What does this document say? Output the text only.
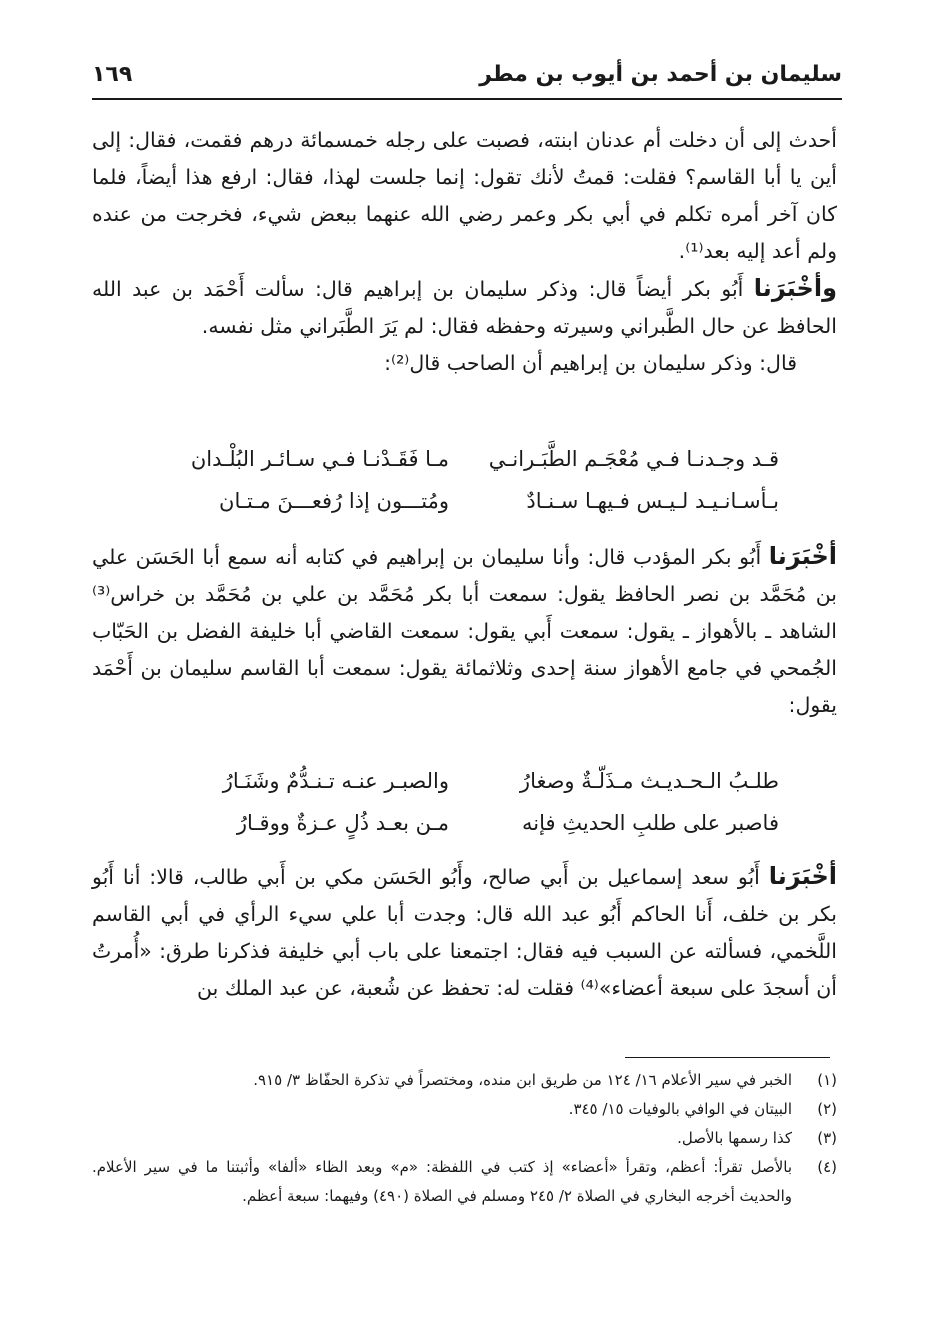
سليمان بن أحمد بن أيوب بن مطر
١٦٩

أحدث إلى أن دخلت أم عدنان ابنته، فصبت على رجله خمسمائة درهم فقمت، فقال: إلى أين يا أبا القاسم؟ فقلت: قمتُ لأنك تقول: إنما جلست لهذا، فقال: ارفع هذا أيضاً، فلما كان آخر أمره تكلم في أبي بكر وعمر رضي الله عنهما ببعض شيء، فخرجت من عنده ولم أعد إليه بعد⁽¹⁾.

وأخْبَرَنا أَبُو بكر أيضاً قال: وذكر سليمان بن إبراهيم قال: سألت أَحْمَد بن عبد الله الحافظ عن حال الطَّبراني وسيرته وحفظه فقال: لم يَرَ الطَّبَراني مثل نفسه.

قال: وذكر سليمان بن إبراهيم أن الصاحب قال⁽²⁾:

قـد وجـدنـا فـي مُعْجَـم الطَّبَـرانـي
مـا فَقَـدْنـا فـي سـائـر البُلْـدان
بـأسـانـيـد لـيـس فـيهـا سـنـادٌ
ومُتـــون إذا رُفعـــنَ مـتـان

أخْبَرَنا أَبُو بكر المؤدب قال: وأنا سليمان بن إبراهيم في كتابه أنه سمع أبا الحَسَن علي بن مُحَمَّد بن نصر الحافظ يقول: سمعت أبا بكر مُحَمَّد بن علي بن مُحَمَّد بن خراس⁽³⁾ الشاهد ـ بالأهواز ـ يقول: سمعت أَبي يقول: سمعت القاضي أبا خليفة الفضل بن الحَبّاب الجُمحي في جامع الأهواز سنة إحدى وثلاثمائة يقول: سمعت أبا القاسم سليمان بن أَحْمَد يقول:

طلـبُ الـحـديـث مـذَلّـةٌ وصغارُ
والصبـر عنـه تـنـدُّمٌ وشَنَـارُ
فاصبر على طلبِ الحديثِ فإنه
مـن بعـد ذُلٍ عـزةٌ ووقـارُ

أخْبَرَنا أَبُو سعد إسماعيل بن أَبي صالح، وأَبُو الحَسَن مكي بن أَبي طالب، قالا: أنا أَبُو بكر بن خلف، أَنا الحاكم أَبُو عبد الله قال: وجدت أبا علي سيء الرأي في أبي القاسم اللَّخمي، فسألته عن السبب فيه فقال: اجتمعنا على باب أبي خليفة فذكرنا طرق: «أُمرتُ أن أسجدَ على سبعة أعضاء»⁽⁴⁾ فقلت له: تحفظ عن شُعبة، عن عبد الملك بن

(١)
الخبر في سير الأعلام ١٦/ ١٢٤ من طريق ابن منده، ومختصراً في تذكرة الحفّاظ ٣/ ٩١٥.
(٢)
البيتان في الوافي بالوفيات ١٥/ ٣٤٥.
(٣)
كذا رسمها بالأصل.
(٤)
بالأصل تقرأ: أعظم، وتقرأ «أعضاء» إذ كتب في اللفظة: «م» وبعد الظاء «ألفا» وأثبتنا ما في سير الأعلام. والحديث أخرجه البخاري في الصلاة ٢/ ٢٤٥ ومسلم في الصلاة (٤٩٠) وفيهما: سبعة أعظم.
